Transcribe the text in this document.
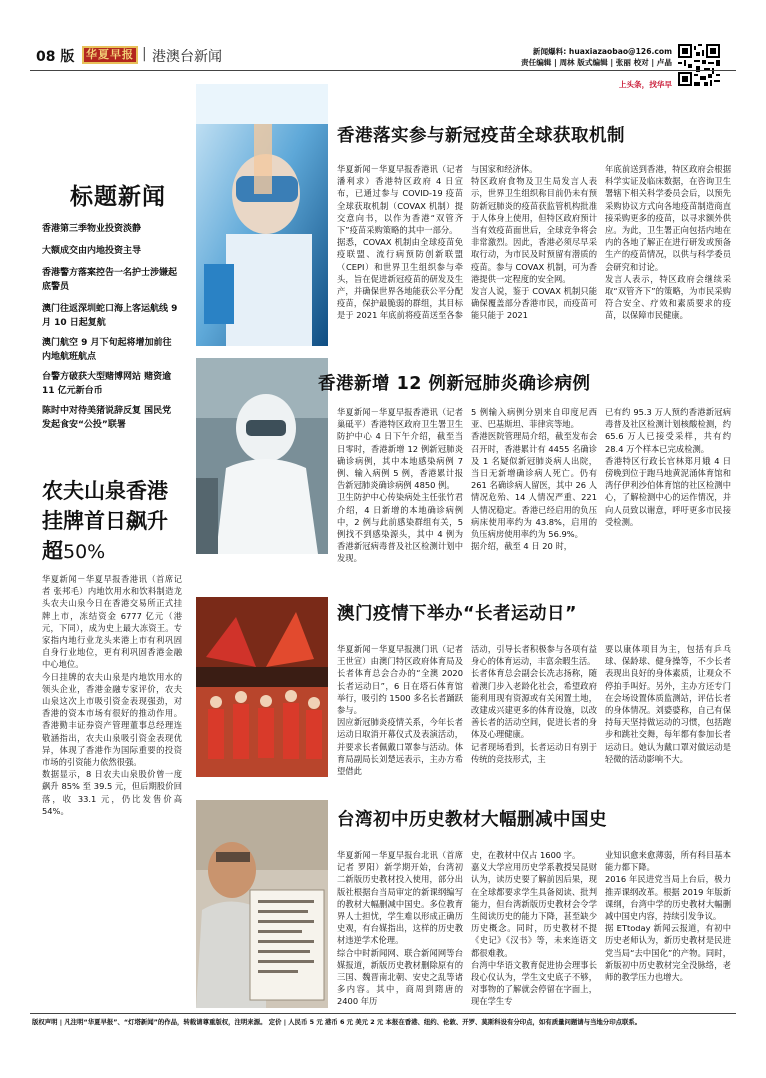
08 版	华夏早报 | 港澳台新闻	新闻爆料: huaxiazaobao@126.com
责任编辑 | 周林 版式编辑 | 张丽 校对 | 卢晶
上头条，找华早
标题新闻
香港第三季物业投资淡静
大额成交由内地投资主导
香港警方落案控告一名护士涉嫌起底警员
澳门往返深圳蛇口海上客运航线 9 月 10 日起复航
澳门航空 9 月下旬起将增加前往内地航班航点
台警方破获大型赌博网站 赌资逾 11 亿元新台币
陈时中对待美猪说辞反复 国民党发起食安“公投”联署
农夫山泉香港挂牌首日飙升超50%
华夏新闻－华夏早报香港讯（首席记者 张邦毛）内地饮用水和饮料制造龙头农夫山泉今日在香港交易所正式挂牌上市，冻结资金 6777 亿元（港元，下同），成为史上最大冻资王。专家指内地行业龙头来港上市有利巩固自身行业地位，更有利巩固香港金融中心地位。
今日挂牌的农夫山泉是内地饮用水的领头企业，香港金融专家评价，农夫山泉这次上市吸引资金表现强劲，对香港的资本市场有很好的推动作用。香港勤丰证券资产管理董事总经理连敬涵指出，农夫山泉吸引资金表现优异，体现了香港作为国际重要的投资市场的引资能力依然很强。
数据显示，8 日农夫山泉股价曾一度飙升 85% 至 39.5 元，但后期股价回落，收 33.1 元，仍比发售价高 54%。
香港落实参与新冠疫苗全球获取机制
华夏新闻－华夏早报香港讯（记者 潘利求）香港特区政府 4 日宣布，已通过参与 COVID-19 疫苗全球获取机制（COVAX 机制）提交意向书，以作为香港“双管齐下”疫苗采购策略的其中一部分。
据悉，COVAX 机制由全球疫苗免疫联盟、流行病预防创新联盟（CEPI）和世界卫生组织参与牵头，旨在促进新冠疫苗的研发及生产，并确保世界各地能获公平分配疫苗，保护最脆弱的群组，其目标是于 2021 年底前将疫苗送至各参
与国家和经济体。
特区政府食物及卫生局发言人表示，世界卫生组织称目前仍未有预防新冠肺炎的疫苗获监管机构批准于人体身上使用，但特区政府预计当有效疫苗面世后，全球竞争将会非常激烈。因此，香港必须尽早采取行动，为市民及时预留有潜质的疫苗。参与 COVAX 机制，可为香港提供一定程度的安全网。
发言人说，鉴于 COVAX 机制只能确保覆盖部分香港市民，而疫苗可能只能于 2021
年底前送到香港，特区政府会根据科学实证及临床数据，在咨询卫生署辖下相关科学委员会后，以预先采购协议方式向各地疫苗制造商直接采购更多的疫苗，以寻求额外供应。为此，卫生署正向包括内地在内的各地了解正在进行研发或预备生产的疫苗情况，以供与科学委员会研究和讨论。
发言人表示，特区政府会继续采取“双管齐下”的策略，为市民采购符合安全、疗效和素质要求的疫苗，以保障市民健康。
香港新增 12 例新冠肺炎确诊病例
华夏新闻－华夏早报香港讯（记者 巢砥平）香港特区政府卫生署卫生防护中心 4 日下午介绍，截至当日零时，香港新增 12 例新冠肺炎确诊病例，其中本地感染病例 7 例、输入病例 5 例，香港累计报告新冠肺炎确诊病例 4850 例。
卫生防护中心传染病处主任张竹君介绍，4 日新增的本地确诊病例中，2 例与此前感染群组有关，5 例找不到感染源头，其中 4 例为香港新冠病毒普及社区检测计划中发现。
5 例输入病例分别来自印度尼西亚、巴基斯坦、菲律宾等地。
香港医院管理局介绍，截至发布会召开时，香港累计有 4455 名确诊及 1 名疑似新冠肺炎病人出院，当日无新增确诊病人死亡。仍有 261 名确诊病人留医，其中 26 人情况危殆、14 人情况严重、221 人情况稳定。香港已经启用的负压病床使用率约为 43.8%，启用的负压病房使用率约为 56.9%。
据介绍，截至 4 日 20 时，
已有约 95.3 万人预约香港新冠病毒普及社区检测计划核酸检测，约 65.6 万人已接受采样，共有约 28.4 万个样本已完成检测。
香港特区行政长官林郑月娥 4 日傍晚到位于跑马地黄泥涌体育馆和湾仔伊利沙伯体育馆的社区检测中心，了解检测中心的运作情况，并向人员致以谢意，呼吁更多市民接受检测。
澳门疫情下举办“长者运动日”
华夏新闻－华夏早报澳门讯（记者 王世宣）由澳门特区政府体育局及长者体育总会合办的“全澳 2020 长者运动日”，6 日在塔石体育馆举行，吸引约 1500 多名长者踊跃参与。
因应新冠肺炎疫情关系，今年长者运动日取消开幕仪式及表演活动，并要求长者佩戴口罩参与活动。体育局副局长刘楚远表示，主办方希望借此
活动，引导长者积极参与各项有益身心的体育运动，丰富余暇生活。
长者体育总会副会长冼志扬称，随着澳门步入老龄化社会，希望政府能利用现有资源或有关闲置土地，改建成兴建更多的体育设施，以改善长者的活动空间，促进长者的身体及心理健康。
记者现场看到，长者运动日有别于传统的竞技形式，主
要以康体项目为主，包括有乒乓球、保龄球、健身操等，不少长者表现出良好的身体素质，让观众不停拍手叫好。另外，主办方还专门在会场设置体质监测站，评估长者的身体情况。刘婆婆称，自己有保持每天坚持做运动的习惯，包括跑步和跳社交舞，每年都有参加长者运动日。她认为戴口罩对做运动是轻微的活动影响不大。
台湾初中历史教材大幅删减中国史
华夏新闻－华夏早报台北讯（首席记者 罗阳）新学期开始，台湾初二新版历史教材投入使用，部分出版社根据台当局审定的新课纲编写的教材大幅删减中国史。多位教育界人士担忧，学生难以形成正确历史观，有台媒指出，这样的历史教材违逆学术伦理。
综合中时新闻网、联合新闻网等台媒报道，新版历史教材删除原有的三国、魏晋南北朝、安史之乱等诸多内容。其中，商周到隋唐的 2400 年历
史，在教材中仅占 1600 字。
嘉义大学应用历史学系教授吴昆财认为，读历史要了解前因后果，现在全球都要求学生具备阅读、批判能力，但台湾新版历史教材会令学生阅读历史的能力下降，甚至缺少历史概念。同时，历史教材不提《史记》《汉书》等，未来连语文都很难教。
台湾中华语文教育促进协会理事长段心仪认为，学生文史底子不够，对事物的了解就会停留在字面上，现在学生专
业知识愈来愈薄弱，所有科目基本能力都下降。
2016 年民进党当局上台后，极力推弄课纲改革。根据 2019 年版新课纲，台湾中学的历史教材大幅删减中国史内容，持续引发争议。
据 ETtoday 新闻云报道，有初中历史老师认为，新历史教材是民进党当局“去中国化”的产物。同时，新版初中历史教材完全没脉络，老师的教学压力也增大。
版权声明 | 凡注明“华夏早报”、“灯塔新闻”的作品，转载请尊重版权，注明来源。 定价 | 人民币 5 元 港币 6 元 美元 2 元 本报在香港、纽约、伦敦、开罗、莫斯科设有分印点，如有质量问题请与当地分印点联系。
